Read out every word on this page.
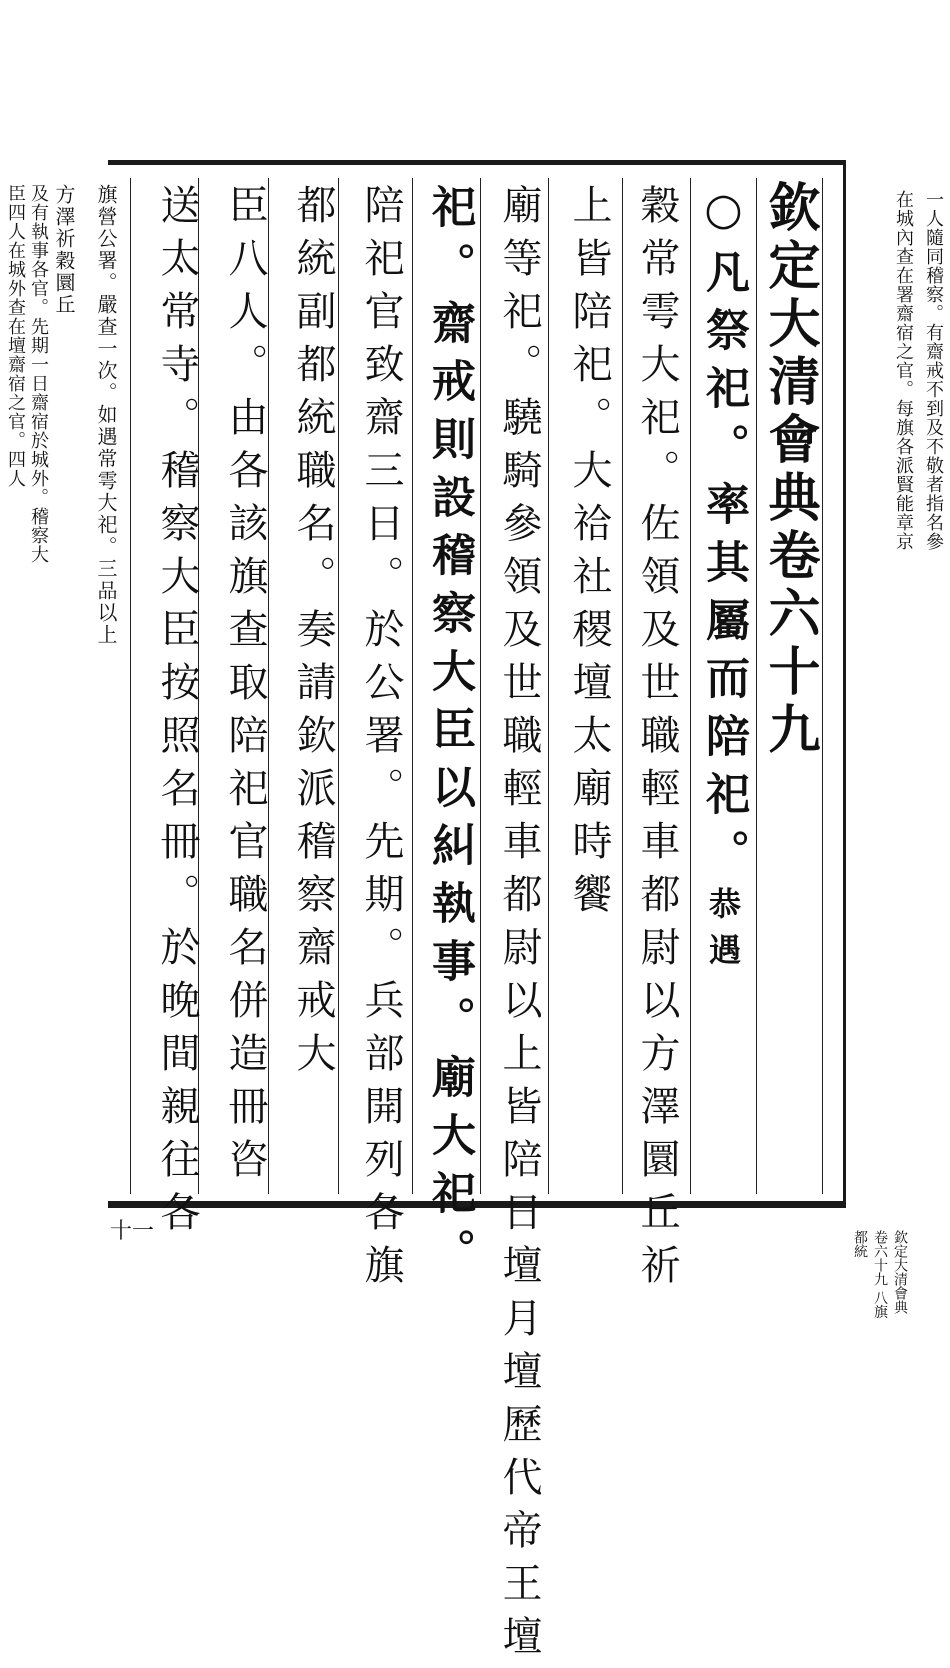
欽定大清會典卷六十九
○凡祭祀。率其屬而陪祀。
恭遇
穀
常雩大祀。佐領及世職輕車都尉以
方澤
圜丘
祈
上皆陪祀。
大祫
社稷壇
太廟時饗
廟等祀。驍騎參領及世職輕車都尉以上皆陪
日壇
月壇
歷代帝王
壇
祀。
齋戒則設稽察大臣以糾執事。
廟大祀。
陪祀官致齋三日。於公署。先期。兵部開列各旗
都統副都統職名。奏請
欽派稽察齋戒大
臣八人。由各該旗查取陪祀官職名併造冊咨
送太常寺。稽察大臣按照名冊。於晚間親往各
旗營公署。嚴查一次。如遇
常雩大祀。三品以上
方澤
祈穀
圜丘
及有執事各官。先期一日齋宿於城外。稽察大
臣四人在城外查在
壇齋宿之官。四人	在城內查在署齋宿之官。每旗各派賢能章京 一人隨同稽察。有齋戒不到及不敬者指名參
欽定大清會典 卷六十九 八旗都統
十一
